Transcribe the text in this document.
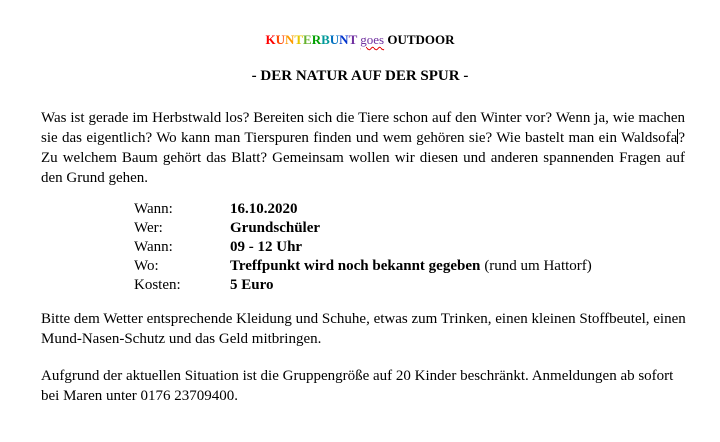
KUNTERBUNT goes OUTDOOR
- DER NATUR AUF DER SPUR -
Was ist gerade im Herbstwald los? Bereiten sich die Tiere schon auf den Winter vor? Wenn ja, wie machen sie das eigentlich? Wo kann man Tierspuren finden und wem gehören sie? Wie bastelt man ein Waldsofa? Zu welchem Baum gehört das Blatt? Gemeinsam wollen wir diesen und anderen spannenden Fragen auf den Grund gehen.
Wann:	16.10.2020
Wer:	Grundschüler
Wann:	09 - 12 Uhr
Wo:	Treffpunkt wird noch bekannt gegeben (rund um Hattorf)
Kosten:	5 Euro
Bitte dem Wetter entsprechende Kleidung und Schuhe, etwas zum Trinken, einen kleinen Stoffbeutel, einen Mund-Nasen-Schutz und das Geld mitbringen.
Aufgrund der aktuellen Situation ist die Gruppengröße auf 20 Kinder beschränkt. Anmeldungen ab sofort bei Maren unter 0176 23709400.
